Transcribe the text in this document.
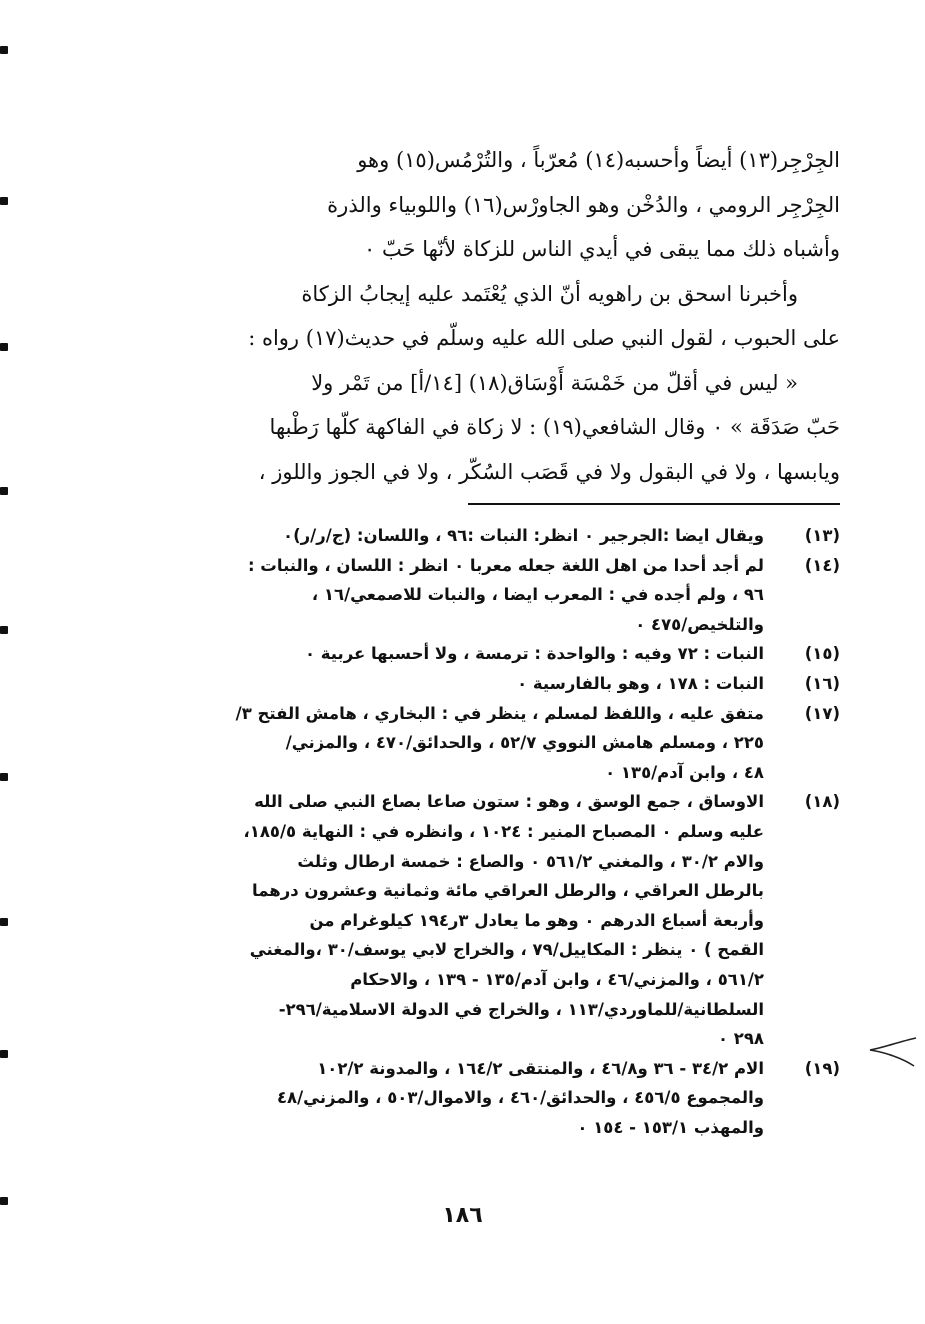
الجِرْجِر(١٣) أيضاً وأحسبه(١٤) مُعرّباً ، والتُرْمُس(١٥) وهو

الجِرْجِر الرومي ، والدُخْن وهو الجاورْس(١٦) واللوبياء والذرة

وأشباه ذلك مما يبقى في أيدي الناس للزكاة لأنّها حَبّ ٠

وأخبرنا اسحق بن راهويه أنّ الذي يُعْتَمد عليه إيجابُ الزكاة

على الحبوب ، لقول النبي صلى الله عليه وسلّم في حديث(١٧) رواه :

« ليس في أقلّ من خَمْسَة أَوْسَاق(١٨) [١٤/أ] من تَمْر ولا

حَبّ صَدَقَة » ٠ وقال الشافعي(١٩) : لا زكاة في الفاكهة كلّها رَطْبها

ويابسها ، ولا في البقول ولا في قَصَب السُكّر ، ولا في الجوز واللوز ،

(١٣)
ويقال ايضا :الجرجير ٠ انظر: النبات :٩٦ ، واللسان: (ج/ر/ر)٠
(١٤)
لم أجد أحدا من اهل اللغة جعله معربا ٠ انظر : اللسان ، والنبات :
٩٦ ، ولم أجده في : المعرب ايضا ، والنبات للاصمعي/١٦ ،
والتلخيص/٤٧٥ ٠
(١٥)
النبات : ٧٢ وفيه : والواحدة : ترمسة ، ولا أحسبها عربية ٠
(١٦)
النبات : ١٧٨ ، وهو بالفارسية ٠
(١٧)
متفق عليه ، واللفظ لمسلم ، ينظر في : البخاري ، هامش الفتح ٣/
٢٢٥ ، ومسلم هامش النووي ٥٢/٧ ، والحدائق/٤٧٠ ، والمزني/
٤٨ ، وابن آدم/١٣٥ ٠
(١٨)
الاوساق ، جمع الوسق ، وهو : ستون صاعا بصاع النبي صلى الله
عليه وسلم ٠ المصباح المنير : ١٠٢٤ ، وانظره في : النهاية ١٨٥/٥،
والام ٣٠/٢ ، والمغني ٥٦١/٢ ٠ والصاع : خمسة ارطال وثلث
بالرطل العراقي ، والرطل العراقي مائة وثمانية وعشرون درهما
وأربعة أسباع الدرهم ٠ وهو ما يعادل ٣ر١٩٤ كيلوغرام من
القمح ) ٠ ينظر : المكاييل/٧٩ ، والخراج لابي يوسف/٣٠ ،والمغني
٥٦١/٢ ، والمزني/٤٦ ، وابن آدم/١٣٥ - ١٣٩ ، والاحكام
السلطانية/للماوردي/١١٣ ، والخراج في الدولة الاسلامية/٢٩٦-
٢٩٨ ٠
(١٩)
الام ٣٤/٢ - ٣٦ و٤٦/٨ ، والمنتقى ١٦٤/٢ ، والمدونة ١٠٢/٢
والمجموع ٤٥٦/٥ ، والحدائق/٤٦٠ ، والاموال/٥٠٣ ، والمزني/٤٨
والمهذب ١٥٣/١ - ١٥٤ ٠
١٨٦
